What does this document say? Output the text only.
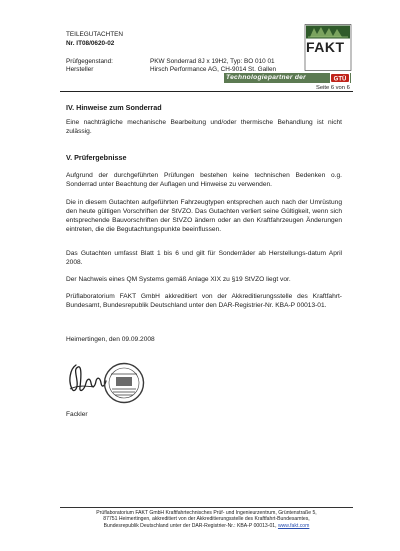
TEILEGUTACHTEN
Nr. IT08/0620-02
Prüfgegenstand:	PKW Sonderrad 8J x 19H2, Typ: BO 010 01
Hersteller	Hirsch Performance AG, CH-9014 St. Gallen
FAKT
Technologiepartner der	GTÜ
Seite 6 von 6
IV. Hinweise zum Sonderrad
Eine nachträgliche mechanische Bearbeitung und/oder thermische Behandlung ist nicht zulässig.
V. Prüfergebnisse
Aufgrund der durchgeführten Prüfungen bestehen keine technischen Bedenken o.g. Sonderrad unter Beachtung der Auflagen und Hinweise zu verwenden.
Die in diesem Gutachten aufgeführten Fahrzeugtypen entsprechen auch nach der Umrüstung den heute gültigen Vorschriften der StVZO. Das Gutachten verliert seine Gültigkeit, wenn sich entsprechende Bauvorschriften der StVZO ändern oder an den Kraftfahrzeugen Änderungen eintreten, die die Begutachtungspunkte beeinflussen.
Das Gutachten umfasst Blatt 1 bis 6 und gilt für Sonderräder ab Herstellungs-datum April 2008.
Der Nachweis eines QM Systems gemäß Anlage XIX zu §19 StVZO liegt vor.
Prüflaboratorium FAKT GmbH akkreditiert von der Akkreditierungsstelle des Kraftfahrt-Bundesamt, Bundesrepublik Deutschland unter den DAR-Registrier-Nr. KBA-P 00013-01.
Heimertingen, den 09.09.2008
Fackler
Prüflaboratorium FAKT GmbH Kraftfahrtechnisches Prüf- und Ingenieurzentrum, Grüntenstraße 5,
87751 Heimertingen, akkreditiert von der Akkreditierungsstelle des Kraftfahrt-Bundesamtes,
Bundesrepublik Deutschland unter der DAR-Registrier-Nr.: KBA-P 00013-01, www.fakt.com
